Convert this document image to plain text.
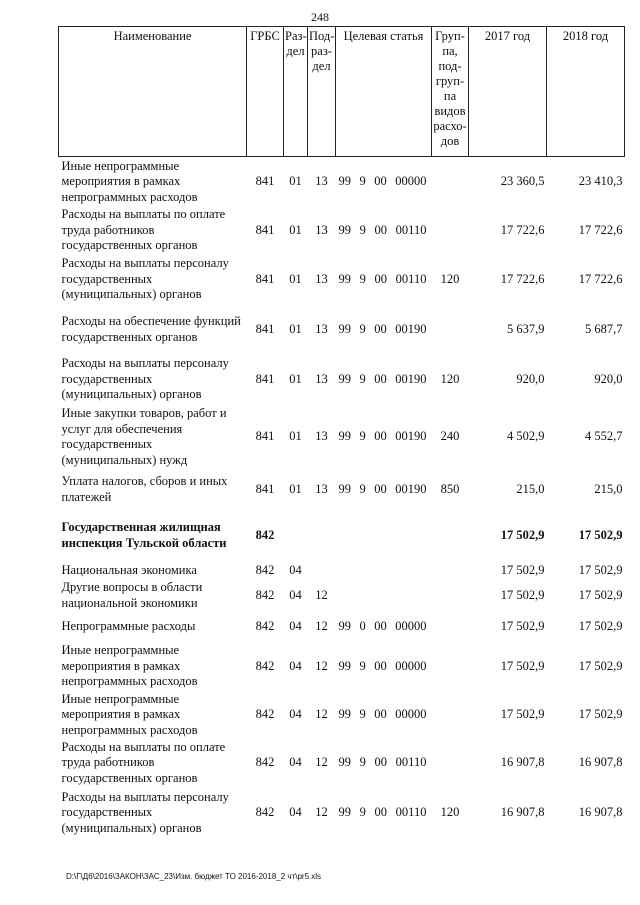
248
Наименование	ГРБС	Раз-дел	Под-раз-дел	Целевая статья	Груп-па, под-груп-па видов расхо-дов	2017 год	2018 год
Иные непрограммные мероприятия в рамках непрограммных расходов	841	01	13	99 9 00 00000		23 360,5	23 410,3
Расходы на выплаты по оплате труда работников государственных органов	841	01	13	99 9 00 00110		17 722,6	17 722,6
Расходы на выплаты персоналу государственных (муниципальных) органов	841	01	13	99 9 00 00110	120	17 722,6	17 722,6
Расходы на обеспечение функций государственных органов	841	01	13	99 9 00 00190		5 637,9	5 687,7
Расходы на выплаты персоналу государственных (муниципальных) органов	841	01	13	99 9 00 00190	120	920,0	920,0
Иные закупки товаров, работ и услуг для обеспечения государственных (муниципальных) нужд	841	01	13	99 9 00 00190	240	4 502,9	4 552,7
Уплата налогов, сборов и иных платежей	841	01	13	99 9 00 00190	850	215,0	215,0
Государственная жилищная инспекция Тульской области	842					17 502,9	17 502,9
Национальная экономика	842	04				17 502,9	17 502,9
Другие вопросы в области национальной экономики	842	04	12			17 502,9	17 502,9
Непрограммные расходы	842	04	12	99 0 00 00000		17 502,9	17 502,9
Иные непрограммные мероприятия в рамках непрограммных расходов	842	04	12	99 9 00 00000		17 502,9	17 502,9
Иные непрограммные мероприятия в рамках непрограммных расходов	842	04	12	99 9 00 00000		17 502,9	17 502,9
Расходы на выплаты по оплате труда работников государственных органов	842	04	12	99 9 00 00110		16 907,8	16 907,8
Расходы на выплаты персоналу государственных (муниципальных) органов	842	04	12	99 9 00 00110	120	16 907,8	16 907,8
D:\Г\Д6\2016\ЗАКОН\ЗАС_23\Изм. бюджет ТО 2016-2018_2 чт\pr5.xls
